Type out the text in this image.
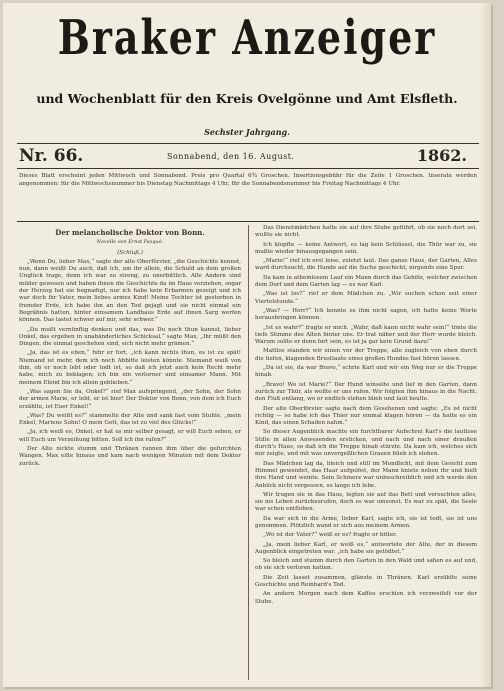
Braker Anzeiger
und Wochenblatt für den Kreis Ovelgönne und Amt Elsfleth.
Sechster Jahrgang.
Nr. 66.	Sonnabend, den 16. August.	1862.
Dieses Blatt erscheint jeden Mittwoch und Sonnabend. Preis pro Quartal 6¾ Groschen. Insertionsgebühr für die Zeile 1 Groschen. Inserate werden angenommen: für die Mittwochsnummer bis Dienstag Nachmittags 4 Uhr, für die Sonnabendsnummer bis Freitag Nachmittags 4 Uhr.
Der melancholische Doktor von Bonn.
Novelle von Ernst Pasqué.
(Schluß.)

„Wenn Du, lieber Max,“ sagte der alte Oberförster, „die Geschichte kennst, nun, dann weißt Du auch, daß ich, um ihr allein, die Schuld an dem großen Unglück trage, denn ich war zu streng, zu unerbittlich. Alle Andern sind milder gewesen und haben ihnen die Geschichte da im Haus verziehen, sogar der Herzog hat sie begnadigt, nur ich habe kein Erbarmen gezeigt und ich war doch ihr Vater, mein liebes armes Kind! Meine Tochter ist gestorben in fremder Erde, ich habe ihn an den Tod gejagt und sie nicht einmal ein Begräbnis hatten, hinter einsamem Landhaus Erde auf ihnen Sarg werfen können. Das lastet schwer auf mir, sehr schwer.“

„Du mußt vernünftig denken und das, was Du noch thun kannst, lieber Onkel, das ergeben in unabänderliches Schicksal,“ sagte Max, „Ihr müßt den Dingen, die einmal geschehen sind, sich nicht mehr grämen.“

„Ja, das ist es eben,“ fuhr er fort, „ich kann nichts thun, es ist zu spät! Niemand ist mehr, dem ich noch Abbitte leisten könnte. Niemand weiß von ihm, ob er noch lebt oder todt ist, so daß ich jetzt auch kein Recht mehr habe, mich zu beklagen; ich bin ein verlorner und einsamer Mann. Mit meinem Elend bin ich allein geblieben.“

„Was sagen Sie da, Onkel?“ rief Max aufspringend, „der Sohn, der Sohn der armen Marie, er lebt, er ist hier! Der Doktor von Bonn, von dem ich Euch erzählte, ist Euer Enkel!“

„Was? Du weißt es?“ stammelte der Alte und sank fast vom Stuhle, „mein Enkel, Mariens Sohn! O mein Gott, das ist zu viel des Glücks!“

„Ja, ich weiß es, Onkel, er hat es mir selber gesagt, er will Euch sehen, er will Euch um Verzeihung bitten. Soll ich ihn rufen?“

Der Alte nickte stumm und Thränen rannen ihm über die gefurchten Wangen. Max eilte hinaus und kam nach wenigen Minuten mit dem Doktor zurück.

Das Dienstmädchen hatte sie auf ihre Stube geführt, ob sie noch dort sei, wußte sie nicht.

Ich klopfte — keine Antwort, es lag kein Schlüssel, die Thür war zu, sie mußte wieder hinausgegangen sein.

„Marie!“ rief ich erst leise, zuletzt laut. Das ganze Haus, der Garten, Alles ward durchsucht, die Hunde auf die Suche geschickt, nirgends eine Spur.

Da kam in athemlosem Lauf ein Mann durch das Gehölz, welcher zwischen dem Dorf und dem Garten lag — es war Karl.

„Was ist los?“ rief er dem Mädchen zu. „Wir suchen schon seit einer Viertelstunde.“

„Was? — Herr?“ Ich konnte es ihm nicht sagen, ich hatte keine Worte herausbringen können.

„Ist es wahr?“ fragte er mich. „Wahr, daß kann nicht wahr sein!“ tönte die tiefe Stimme des Alten hinter uns. Er trat näher und der Herr wurde bleich. Warum sollte er denn fort sein, es ist ja gar kein Grund dazu!“

Mattlos standen wir einen vor der Treppe, alle zugleich von eben durch die tiefen, klagenden Brustlaute eines großen Hundes fast hören lassen.

„Da ist sie, da war Bravo,“ schrie Karl und wir ein Weg nur er die Treppe hinab.

„Bravo! Wo ist Marie?“ Der Hund winselte und lief in den Garten, dann zurück zur Thür, als wollte er uns rufen. Wir folgten ihm hinaus in die Nacht, den Fluß entlang, wo er endlich stehen blieb und laut heulte.

Der alte Oberförster sagte nach dem Gesehenen und sagte: „Es ist nicht richtig — so habe ich das Thier nur einmal klagen hören — da hatte es ein Kind, das einen Schaden nahm.“

So dieser Augenblick machte ein furchtbarer Aufschrei Karl's die lautlose Stille in allen Anwesenden ersticken, und nach und nach einer draußen durch's Haus, so daß ich die Treppe hinab stürzte. Da kam ich, welches sich mir zeigte, und mit was unvergeßlichen Grauen blieb ich stehen.

Das Mädchen lag da, bleich und still im Mondlicht, mit dem Gesicht zum Himmel gewendet, das Haar aufgelöst, der Mann kniete neben ihr und hielt ihre Hand und weinte. Sein Schmerz war unbeschreiblich und ich werde den Anblick nicht vergessen, so lange ich lebe.

Wir trugen sie in das Haus, legten sie auf das Bett und versuchten alles, sie ins Leben zurückzurufen, doch es war umsonst. Es war zu spät, die Seele war schon entflohen.

Da war sich in die Arme, lieber Karl, sagte ich, sie ist todt, sie ist uns genommen. Plötzlich wand er sich aus meinem Armen.

„Wo ist der Vater?“ weiß er es? fragte er bitter.

„Ja, mein lieber Karl, er weiß es,“ antwortete der Alte, der in diesem Augenblick eingetreten war, „ich habe sie getödtet.“

So bleich und stumm durch den Garten in den Wald und sahen es auf und, ob sie sich verloren hatten.

Die Zeit lasset zusammen, glänzte in Thränen. Karl erzählte seine Geschichte und Reinhard's Tod.

An andern Morgen nach dem Kaffee erschien ich verzweifelt vor der Stube.
